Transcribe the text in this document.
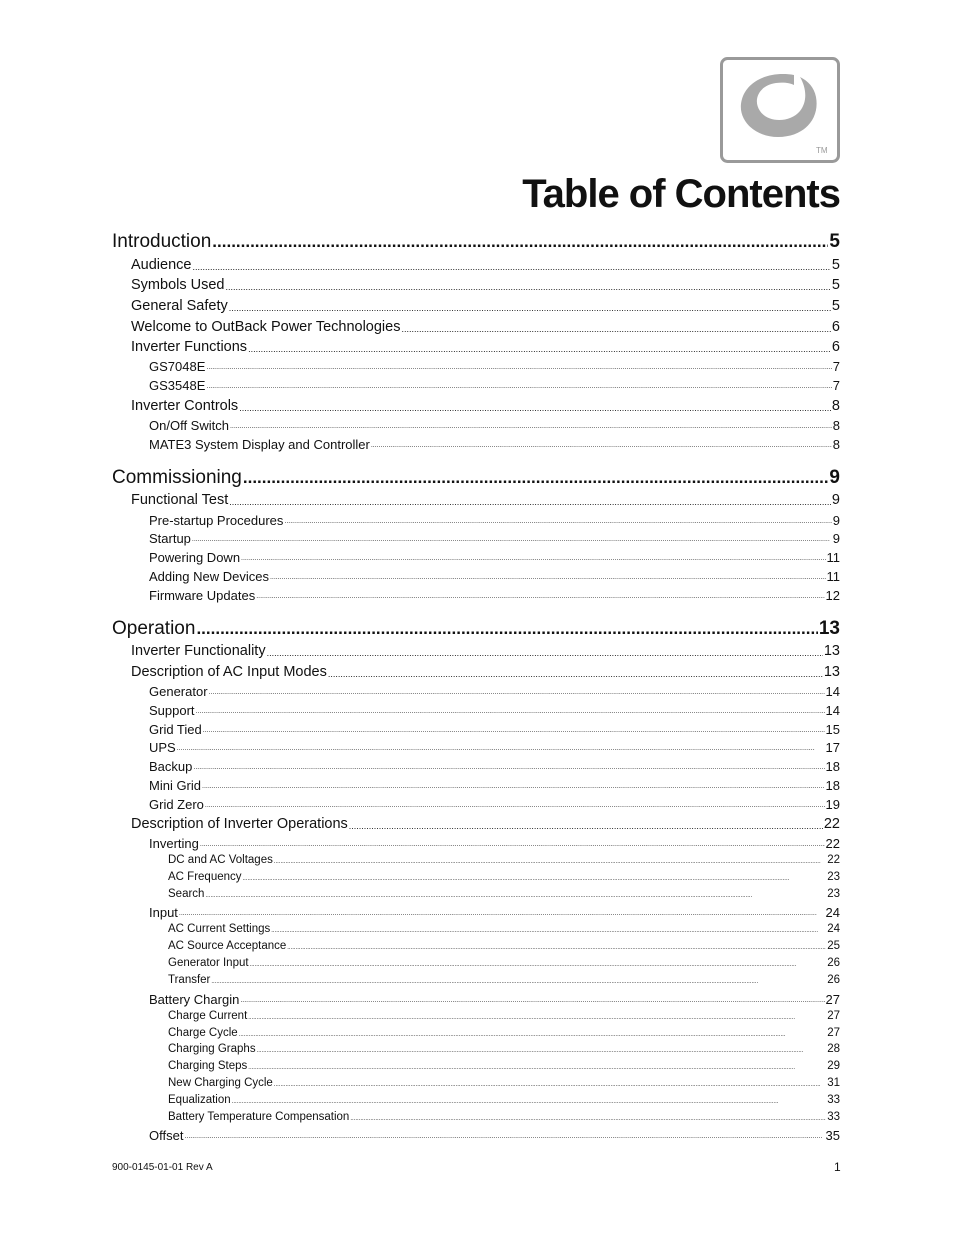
TM
Table of Contents
Introduction .....	5
Audience .....	5
Symbols Used .....	5
General Safety .....	5
Welcome to OutBack Power Technologies .....	6
Inverter Functions .....	6
GS7048E .....	7
GS3548E .....	7
Inverter Controls .....	8
On/Off Switch .....	8
MATE3 System Display and Controller .....	8
Commissioning .....	9
Functional Test .....	9
Pre-startup Procedures .....	9
Startup .....	9
Powering Down .....	11
Adding New Devices .....	11
Firmware Updates .....	12
Operation .....	13
Inverter Functionality .....	13
Description of AC Input Modes .....	13
Generator .....	14
Support .....	14
Grid Tied .....	15
UPS .....	17
Backup .....	18
Mini Grid .....	18
Grid Zero .....	19
Description of Inverter Operations .....	22
Inverting .....	22
DC and AC Voltages .....	22
AC Frequency .....	23
Search .....	23
Input .....	24
AC Current Settings .....	24
AC Source Acceptance .....	25
Generator Input .....	26
Transfer .....	26
Battery Chargin .....	27
Charge Current .....	27
Charge Cycle .....	27
Charging Graphs .....	28
Charging Steps .....	29
New Charging Cycle .....	31
Equalization .....	33
Battery Temperature Compensation .....	33
Offset .....	35
900-0145-01-01 Rev A	1
